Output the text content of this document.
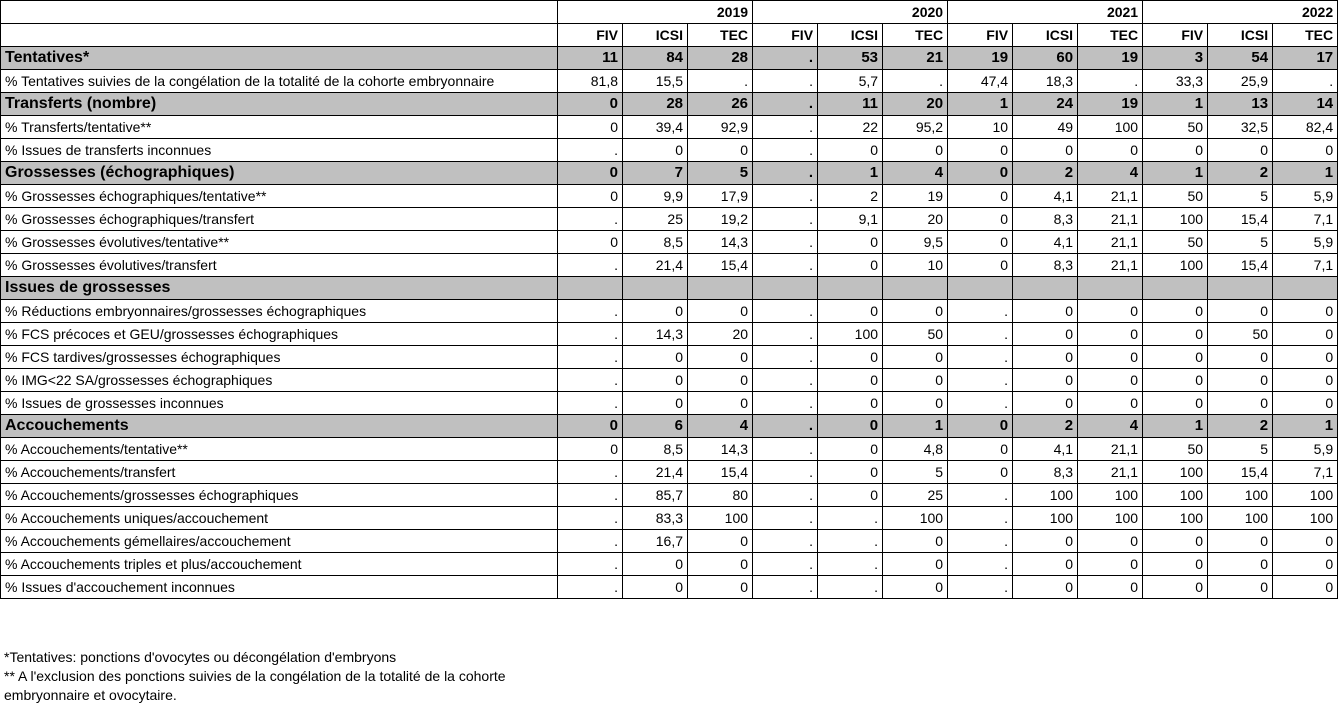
	2019			2020			2021			2022		
	FIV	ICSI	TEC	FIV	ICSI	TEC	FIV	ICSI	TEC	FIV	ICSI	TEC
Tentatives*	11	84	28	.	53	21	19	60	19	3	54	17
% Tentatives suivies de la congélation de la totalité de la cohorte embryonnaire	81,8	15,5	.	.	5,7	.	47,4	18,3	.	33,3	25,9	.
Transferts (nombre)	0	28	26	.	11	20	1	24	19	1	13	14
% Transferts/tentative**	0	39,4	92,9	.	22	95,2	10	49	100	50	32,5	82,4
% Issues de transferts inconnues	.	0	0	.	0	0	0	0	0	0	0	0
Grossesses (échographiques)	0	7	5	.	1	4	0	2	4	1	2	1
% Grossesses échographiques/tentative**	0	9,9	17,9	.	2	19	0	4,1	21,1	50	5	5,9
% Grossesses échographiques/transfert	.	25	19,2	.	9,1	20	0	8,3	21,1	100	15,4	7,1
% Grossesses évolutives/tentative**	0	8,5	14,3	.	0	9,5	0	4,1	21,1	50	5	5,9
% Grossesses évolutives/transfert	.	21,4	15,4	.	0	10	0	8,3	21,1	100	15,4	7,1
Issues de grossesses												
% Réductions embryonnaires/grossesses échographiques	.	0	0	.	0	0	.	0	0	0	0	0
% FCS précoces et GEU/grossesses échographiques	.	14,3	20	.	100	50	.	0	0	0	50	0
% FCS tardives/grossesses échographiques	.	0	0	.	0	0	.	0	0	0	0	0
% IMG<22 SA/grossesses échographiques	.	0	0	.	0	0	.	0	0	0	0	0
% Issues de grossesses inconnues	.	0	0	.	0	0	.	0	0	0	0	0
Accouchements	0	6	4	.	0	1	0	2	4	1	2	1
% Accouchements/tentative**	0	8,5	14,3	.	0	4,8	0	4,1	21,1	50	5	5,9
% Accouchements/transfert	.	21,4	15,4	.	0	5	0	8,3	21,1	100	15,4	7,1
% Accouchements/grossesses échographiques	.	85,7	80	.	0	25	.	100	100	100	100	100
% Accouchements uniques/accouchement	.	83,3	100	.	.	100	.	100	100	100	100	100
% Accouchements gémellaires/accouchement	.	16,7	0	.	.	0	.	0	0	0	0	0
% Accouchements triples et plus/accouchement	.	0	0	.	.	0	.	0	0	0	0	0
% Issues d'accouchement inconnues	.	0	0	.	.	0	.	0	0	0	0	0

*Tentatives: ponctions d'ovocytes ou décongélation d'embryons

** A l'exclusion des ponctions suivies de la congélation de la totalité de la cohorte

embryonnaire et ovocytaire.
